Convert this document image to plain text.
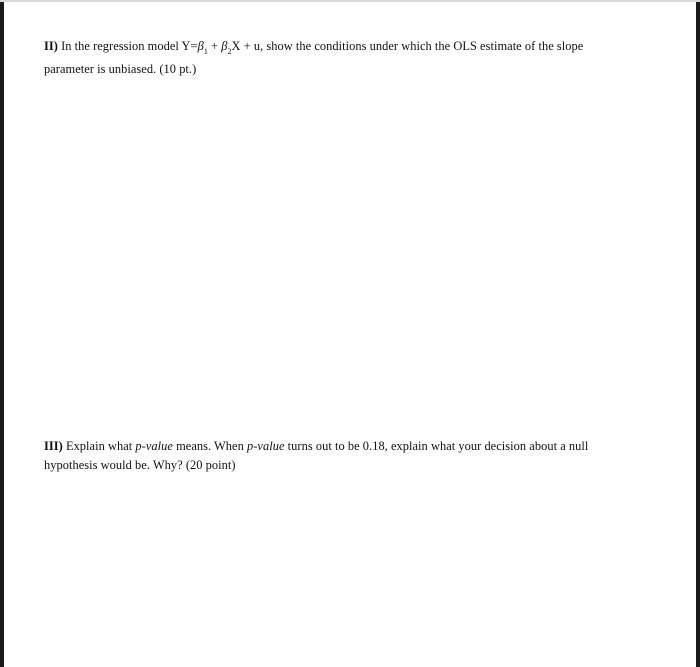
II) In the regression model $Y=\beta_1 + \beta_2X + u$, show the conditions under which the OLS estimate of the slope
parameter is unbiased. (10 pt.)
III) Explain what p-value means. When p-value turns out to be 0.18, explain what your decision about a null
hypothesis would be. Why? (20 point)
